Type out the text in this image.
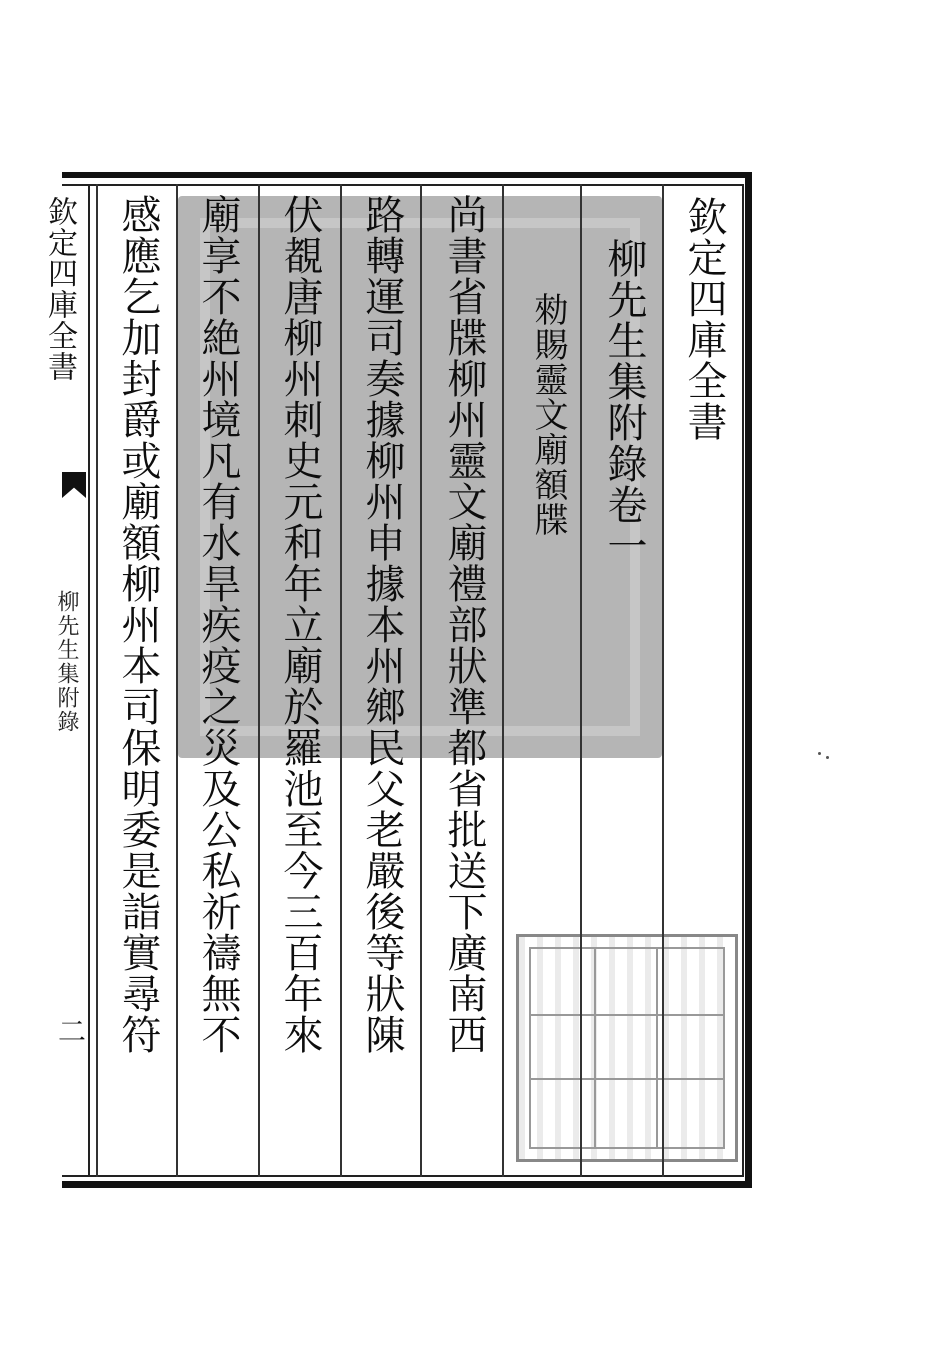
欽定四庫全書
柳先生集附錄卷一
勑賜靈文廟額牒
尚書省牒柳州靈文廟禮部狀準都省批送下廣南西
路轉運司奏據柳州申據本州鄉民父老嚴後等狀陳
伏覩唐柳州刺史元和年立廟於羅池至今三百年來
廟享不絶州境凡有水旱疾疫之災及公私祈禱無不
感應乞加封爵或廟額柳州本司保明委是詣實尋符
欽定四庫全書
柳先生集附錄
二
